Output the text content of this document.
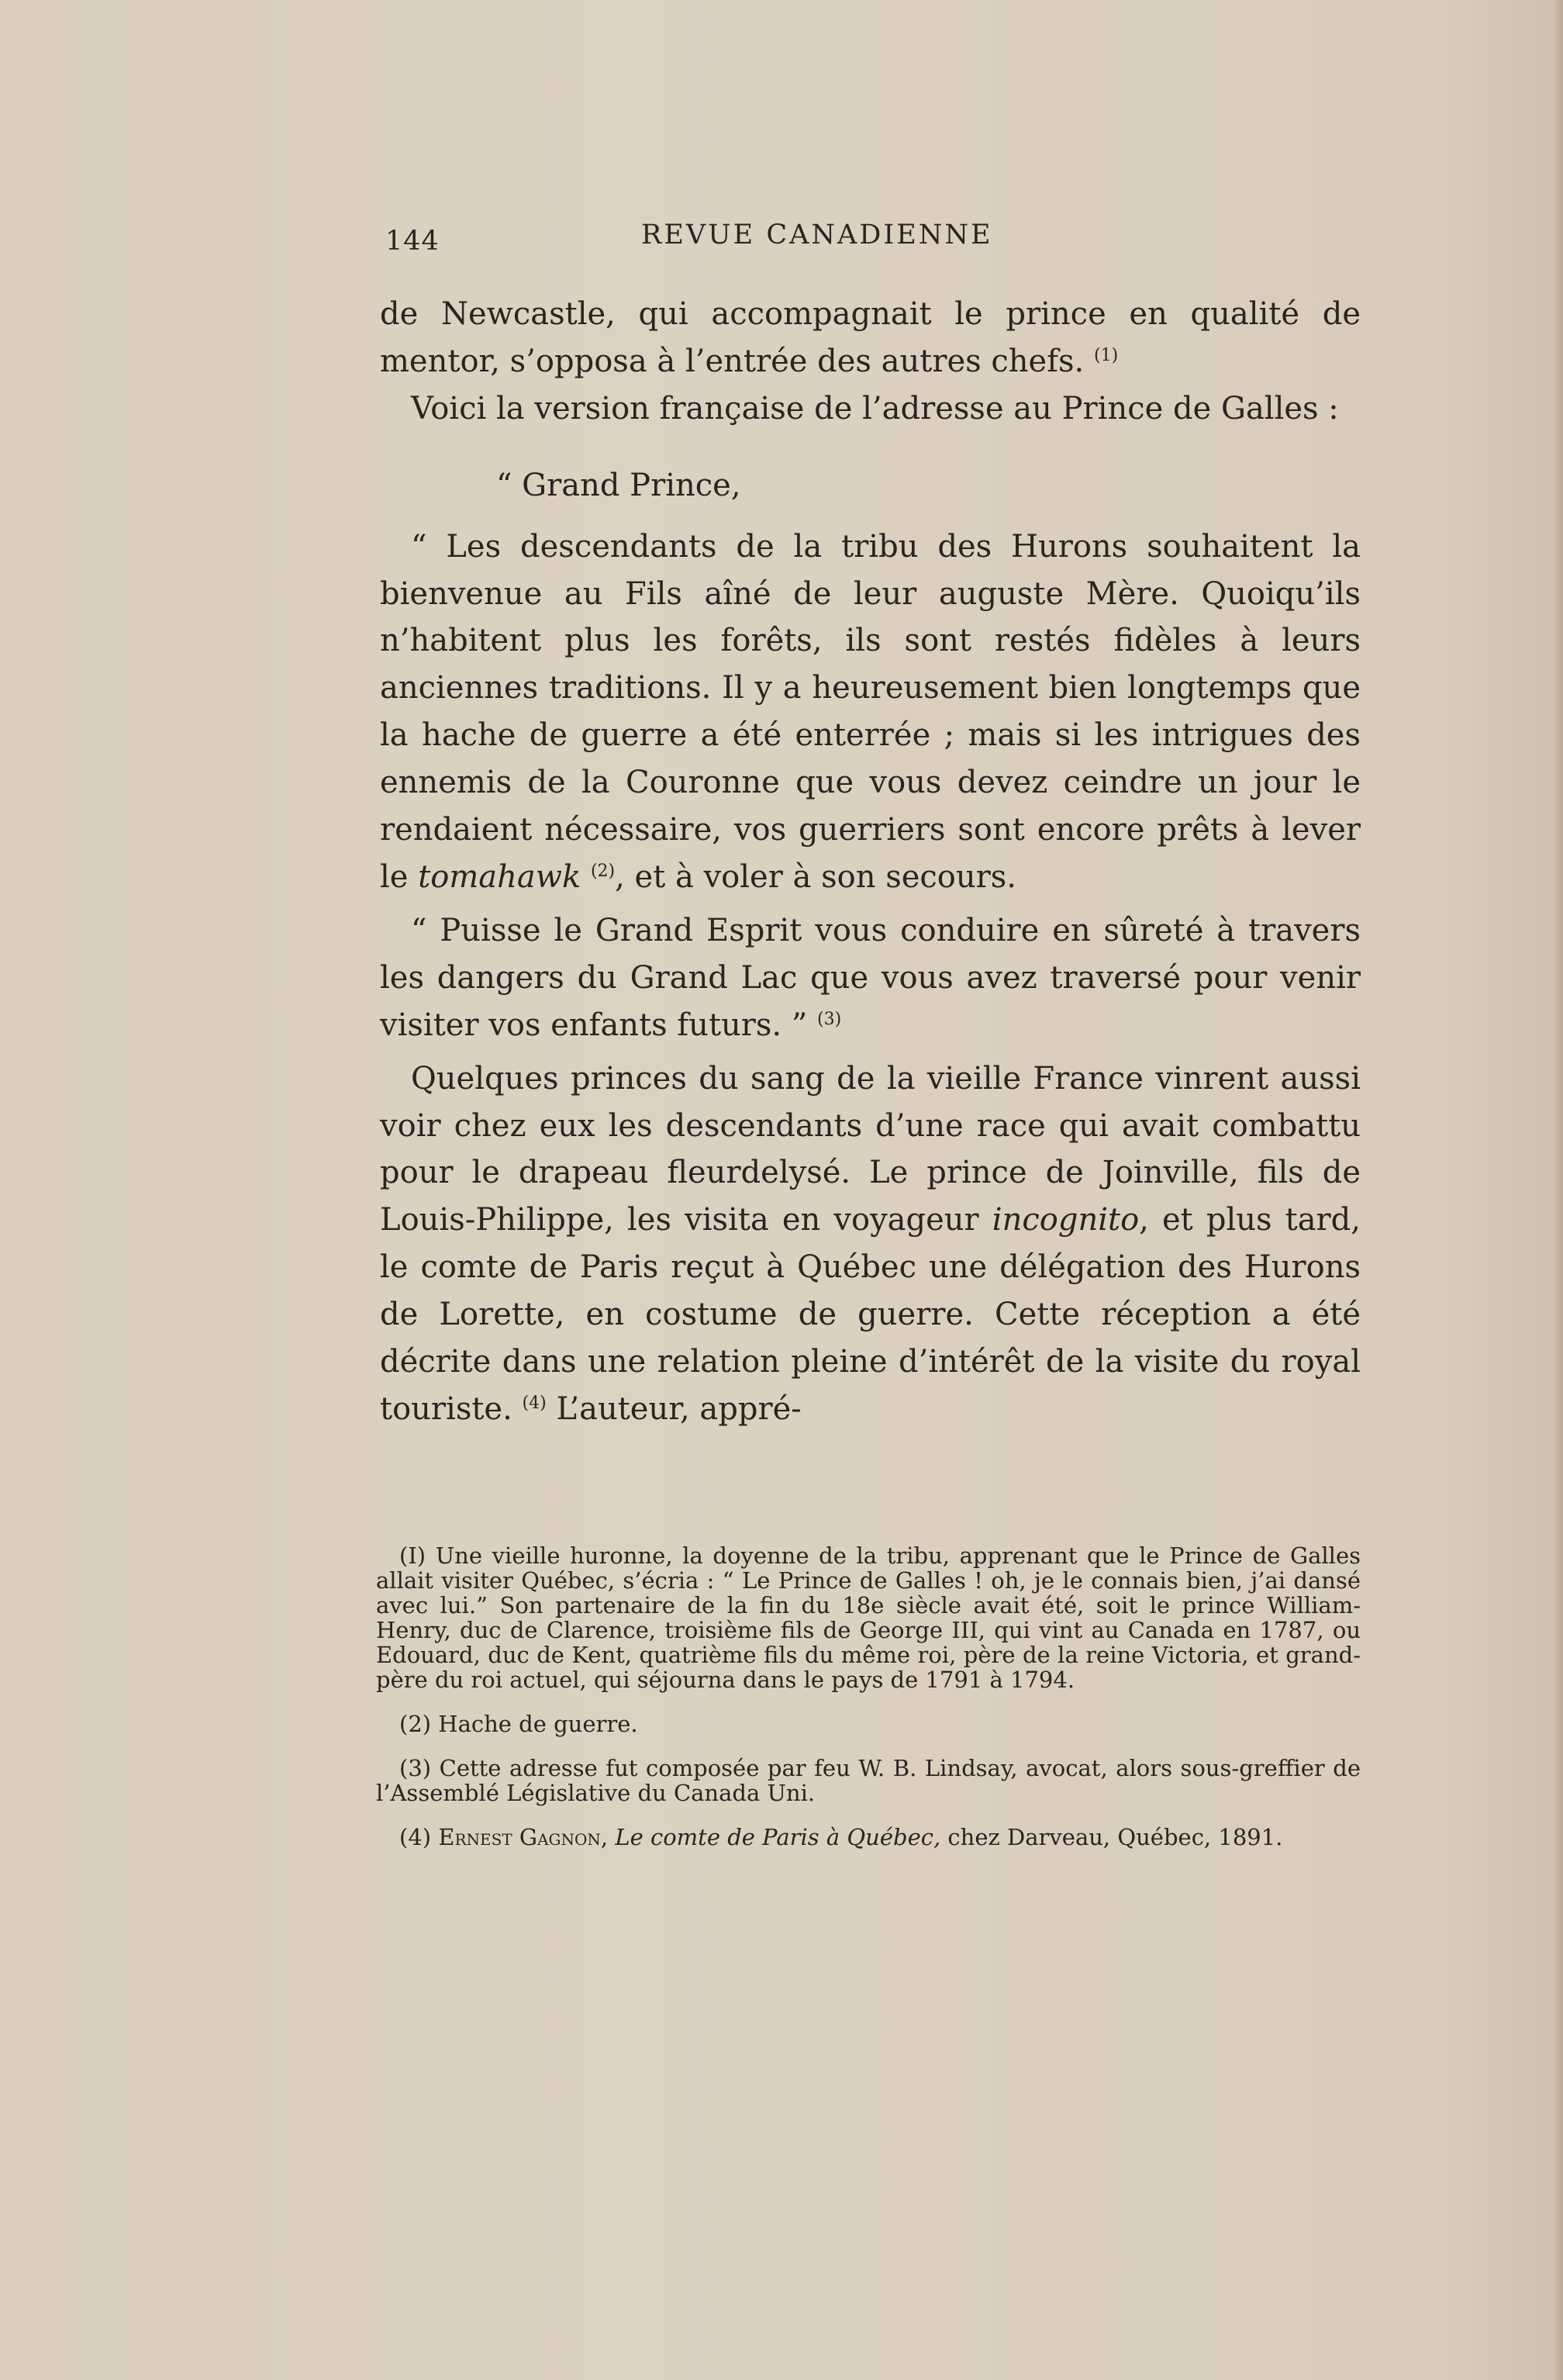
144	REVUE CANADIENNE

de Newcastle, qui accompagnait le prince en qualité de mentor, s’opposa à l’entrée des autres chefs. $^{(1)}$

Voici la version française de l’adresse au Prince de Galles :

“ Grand Prince,

“ Les descendants de la tribu des Hurons souhaitent la bienvenue au Fils aîné de leur auguste Mère. Quoiqu’ils n’habitent plus les forêts, ils sont restés fidèles à leurs anciennes traditions. Il y a heureusement bien longtemps que la hache de guerre a été enterrée ; mais si les intrigues des ennemis de la Couronne que vous devez ceindre un jour le rendaient nécessaire, vos guerriers sont encore prêts à lever le tomahawk $^{(2)}$, et à voler à son secours.

“ Puisse le Grand Esprit vous conduire en sûreté à travers les dangers du Grand Lac que vous avez traversé pour venir visiter vos enfants futurs. ” $^{(3)}$

Quelques princes du sang de la vieille France vinrent aussi voir chez eux les descendants d’une race qui avait combattu pour le drapeau fleurdelysé. Le prince de Joinville, fils de Louis-Philippe, les visita en voyageur incognito, et plus tard, le comte de Paris reçut à Québec une délégation des Hurons de Lorette, en costume de guerre. Cette réception a été décrite dans une relation pleine d’intérêt de la visite du royal touriste. $^{(4)}$ L’auteur, appré-

(I) Une vieille huronne, la doyenne de la tribu, apprenant que le Prince de Galles allait visiter Québec, s’écria : “ Le Prince de Galles ! oh, je le connais bien, j’ai dansé avec lui.” Son partenaire de la fin du 18e siècle avait été, soit le prince William-Henry, duc de Clarence, troisième fils de George III, qui vint au Canada en 1787, ou Edouard, duc de Kent, quatrième fils du même roi, père de la reine Victoria, et grand-père du roi actuel, qui séjourna dans le pays de 1791 à 1794.

(2) Hache de guerre.

(3) Cette adresse fut composée par feu W. B. Lindsay, avocat, alors sous-greffier de l’Assemblé Législative du Canada Uni.

(4) Ernest Gagnon, Le comte de Paris à Québec, chez Darveau, Québec, 1891.
